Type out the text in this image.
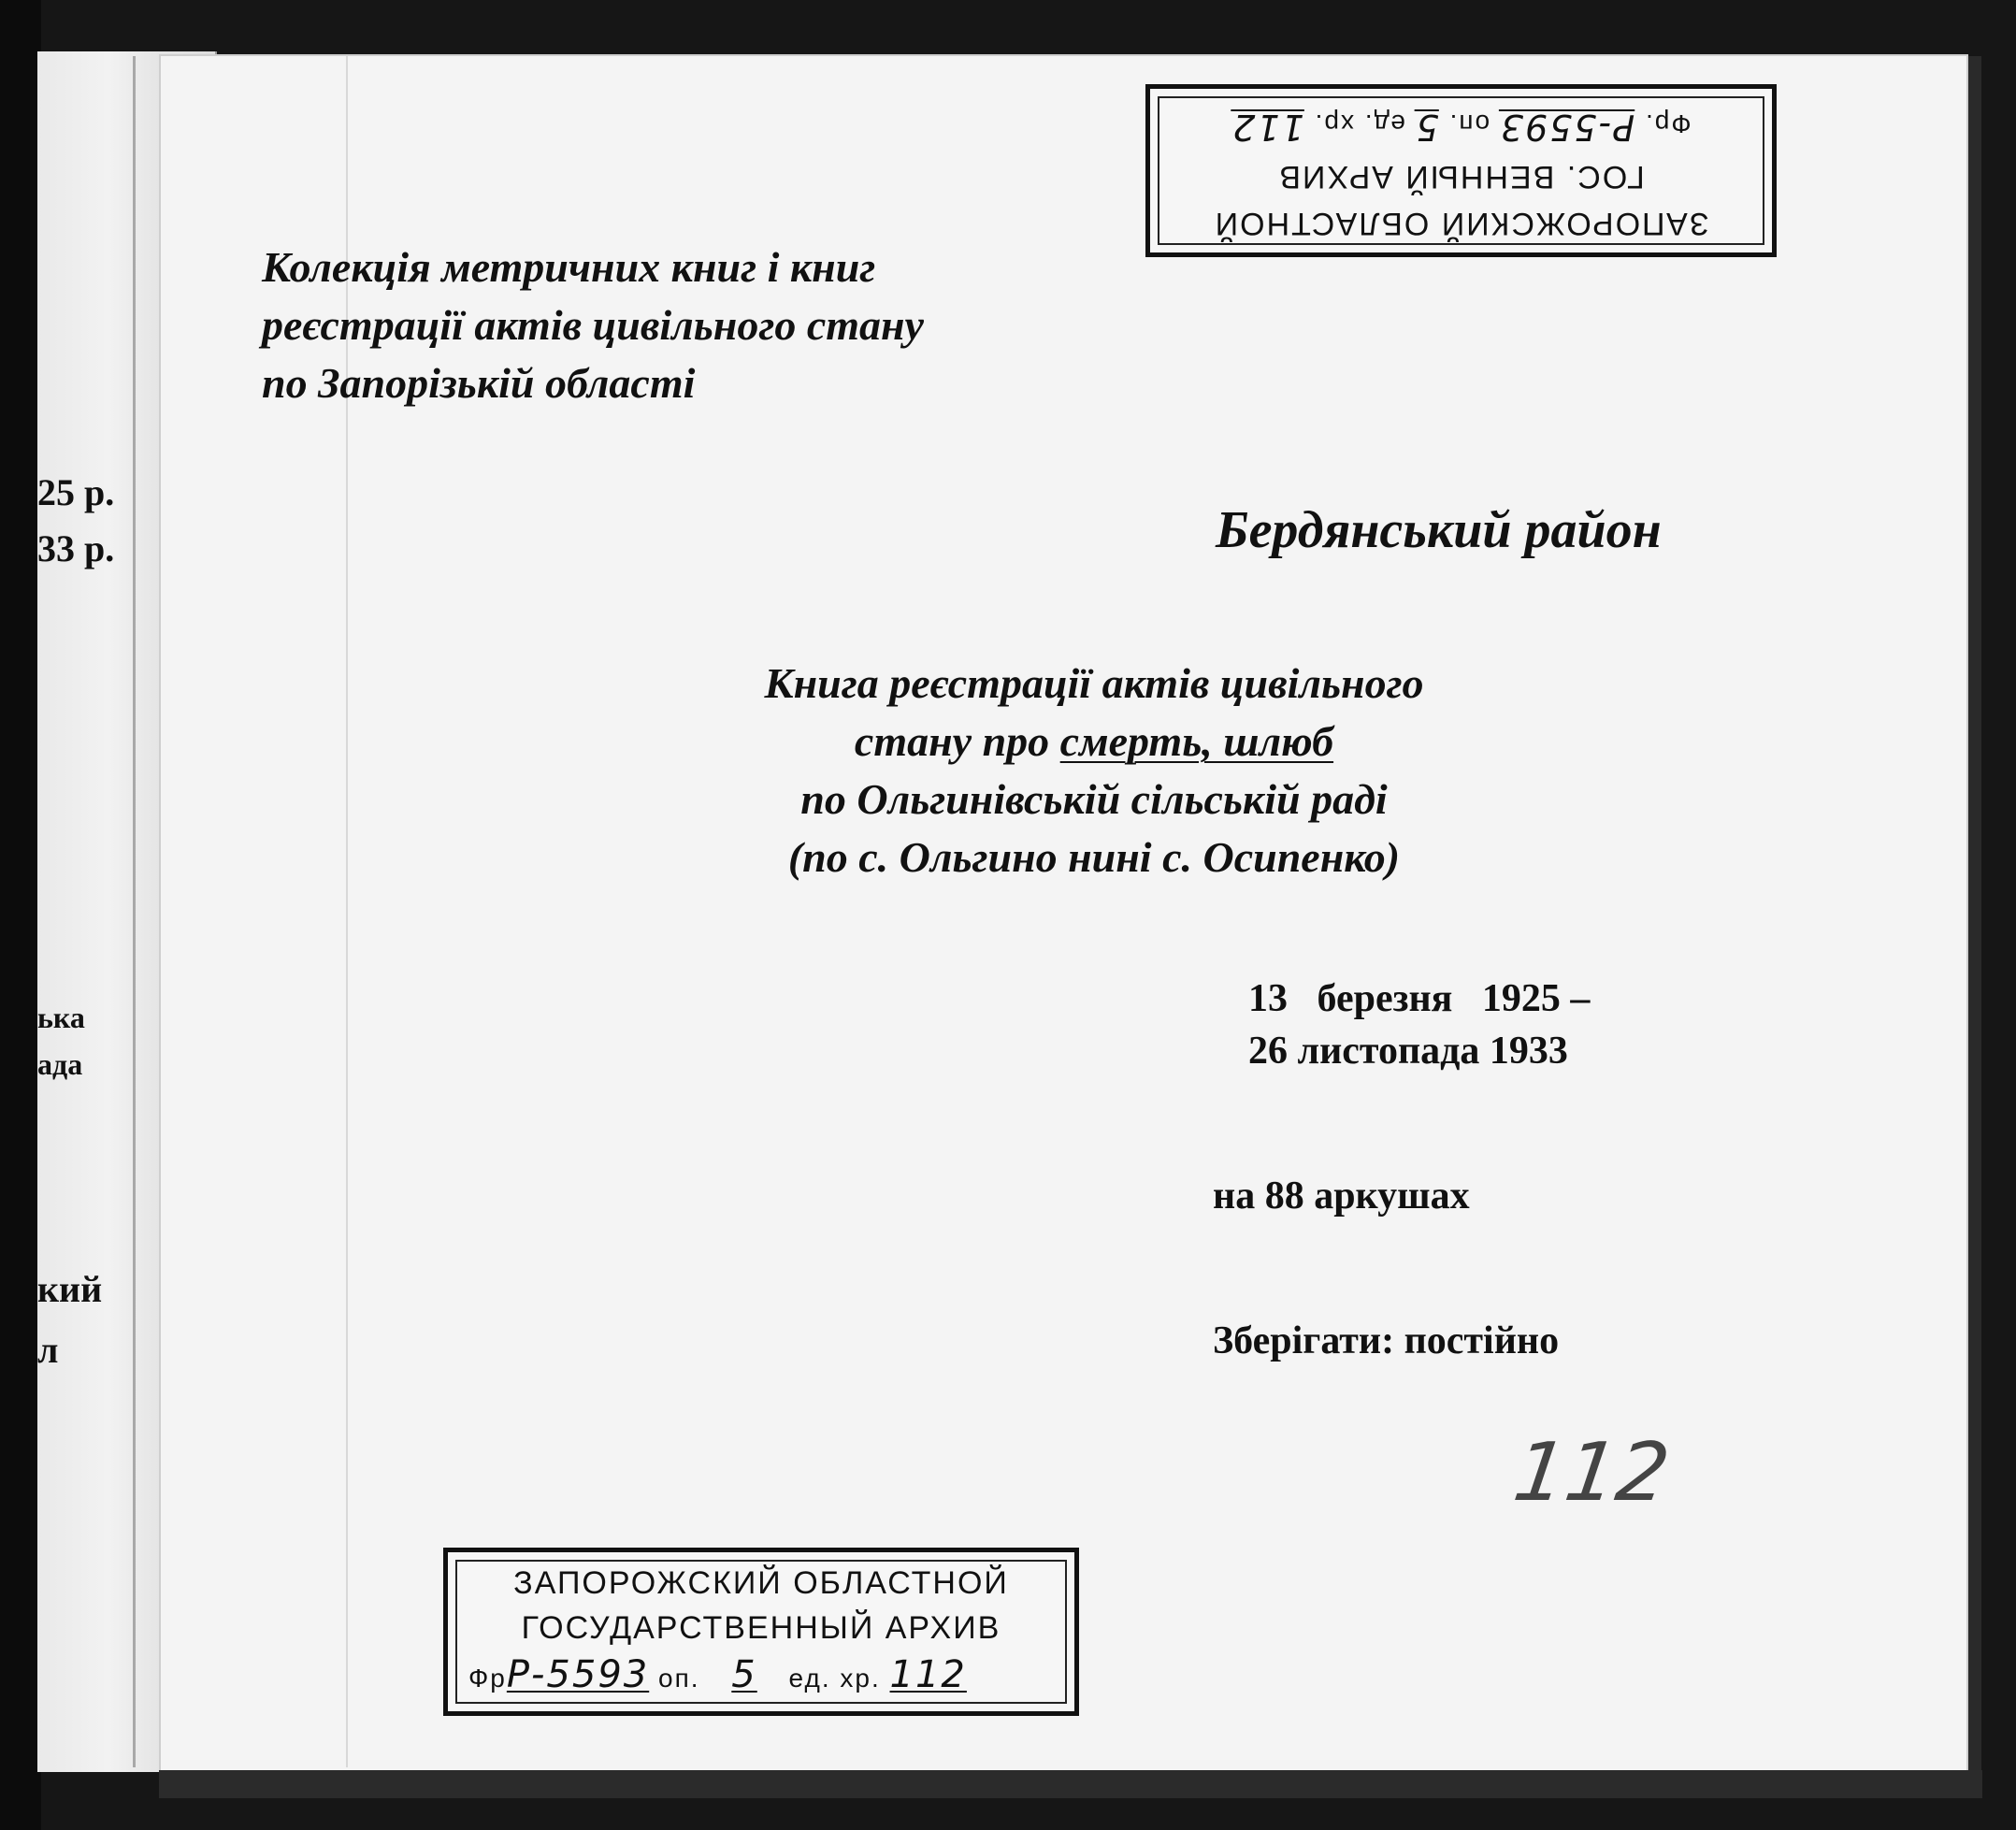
25 р.
33 р.
ька
ада
кий
л
ЗАПОРОЖСКИЙ ОБЛАСТНОЙ
ГОС. ВЕННЫЙ АРХИВ
Фр. Р-5593 оп. 5 ед. хр. 112
Колекція метричних книг і книг
реєстрації актів цивільного стану
по Запорізькій області
Бердянський район
Книга реєстрації актів цивільного
стану про смерть, шлюб
по Ольгинівській сільській раді
(по с. Ольгино нині с. Осипенко)
13   березня   1925 –
26 листопада 1933
на 88 аркушах
Зберігати: постійно
112
ЗАПОРОЖСКИЙ ОБЛАСТНОЙ
ГОСУДАРСТВЕННЫЙ АРХИВ
ФрР-5593 оп. 5 ед. хр. 112
